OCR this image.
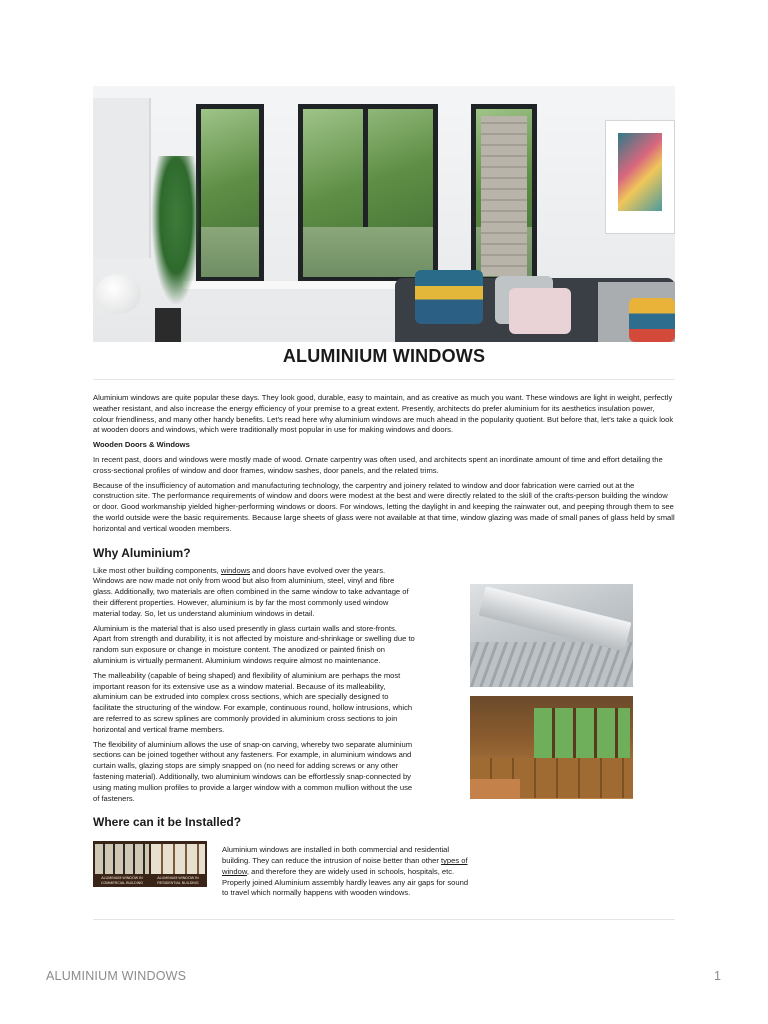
ALUMINIUM WINDOWS

Aluminium windows are quite popular these days. They look good, durable, easy to maintain, and as creative as much you want. These windows are light in weight, perfectly weather resistant, and also increase the energy efficiency of your premise to a great extent. Presently, architects do prefer aluminium for its aesthetics insulation power, colour friendliness, and many other handy benefits. Let’s read here why aluminium windows are much ahead in the popularity quotient. But before that, let’s take a quick look at wooden doors and windows, which were traditionally most popular in use for making windows and doors.

Wooden Doors & Windows

In recent past, doors and windows were mostly made of wood. Ornate carpentry was often used, and architects spent an inordinate amount of time and effort detailing the cross-sectional profiles of window and door frames, window sashes, door panels, and the related trims.

Because of the insufficiency of automation and manufacturing technology, the carpentry and joinery related to window and door fabrication were carried out at the construction site. The performance requirements of window and doors were modest at the best and were directly related to the skill of the crafts-person building the window or door. Good workmanship yielded higher-performing windows or doors. For windows, letting the daylight in and keeping the rainwater out, and peeping through them to see the world outside were the basic requirements. Because large sheets of glass were not available at that time, window glazing was made of small panes of glass held by small horizontal and vertical wooden members.

Why Aluminium?

Like most other building components, windows and doors have evolved over the years. Windows are now made not only from wood but also from aluminium, steel, vinyl and fibre glass. Additionally, two materials are often combined in the same window to take advantage of their different properties. However, aluminium is by far the most commonly used window material today. So, let us understand aluminium windows in detail.

Aluminium is the material that is also used presently in glass curtain walls and store-fronts. Apart from strength and durability, it is not affected by moisture and-shrinkage or swelling due to random sun exposure or change in moisture content. The anodized or painted finish on aluminium is virtually permanent. Aluminium windows require almost no maintenance.

The malleability (capable of being shaped) and flexibility of aluminium are perhaps the most important reason for its extensive use as a window material. Because of its malleability, aluminium can be extruded into complex cross sections, which are specially designed to facilitate the structuring of the window. For example, continuous round, hollow intrusions, which are referred to as screw splines are commonly provided in aluminium cross sections to join horizontal and vertical frame members.

The flexibility of aluminium allows the use of snap-on carving, whereby two separate aluminium sections can be joined together without any fasteners. For example, in aluminium windows and curtain walls, glazing stops are simply snapped on (no need for adding screws or any other fastening material). Additionally, two aluminium windows can be effortlessly snap-connected by using mating mullion profiles to provide a larger window with a common mullion without the use of fasteners.

Where can it be Installed?
ALUMINIUM WINDOW IN COMMERCIAL BUILDING
ALUMINIUM WINDOW IN RESIDENTIAL BUILDING

Aluminium windows are installed in both commercial and residential building. They can reduce the intrusion of noise better than other types of window, and therefore they are widely used in schools, hospitals, etc. Properly joined Aluminium assembly hardly leaves any air gaps for sound to travel which normally happens with wooden windows.

ALUMINIUM WINDOWS	1
